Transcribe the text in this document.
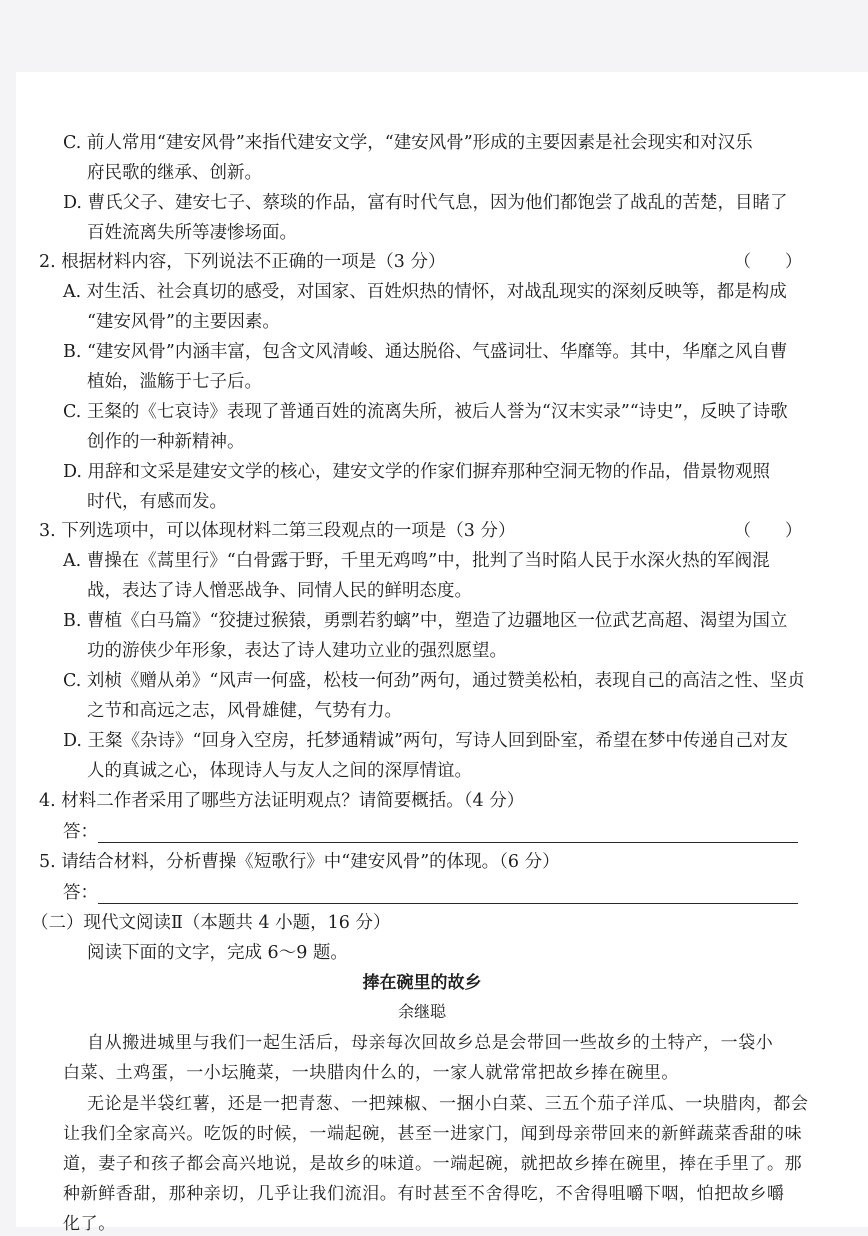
C. 前人常用“建安风骨”来指代建安文学，“建安风骨”形成的主要因素是社会现实和对汉乐
府民歌的继承、创新。
D. 曹氏父子、建安七子、蔡琰的作品，富有时代气息，因为他们都饱尝了战乱的苦楚，目睹了
百姓流离失所等凄惨场面。
2. 根据材料内容，下列说法不正确的一项是（3 分）	（　　）
A. 对生活、社会真切的感受，对国家、百姓炽热的情怀，对战乱现实的深刻反映等，都是构成
“建安风骨”的主要因素。
B. “建安风骨”内涵丰富，包含文风清峻、通达脱俗、气盛词壮、华靡等。其中，华靡之风自曹
植始，滥觞于七子后。
C. 王粲的《七哀诗》表现了普通百姓的流离失所，被后人誉为“汉末实录”“诗史”，反映了诗歌
创作的一种新精神。
D. 用辞和文采是建安文学的核心，建安文学的作家们摒弃那种空洞无物的作品，借景物观照
时代，有感而发。
3. 下列选项中，可以体现材料二第三段观点的一项是（3 分）	（　　）
A. 曹操在《蒿里行》“白骨露于野，千里无鸡鸣”中，批判了当时陷人民于水深火热的军阀混
战，表达了诗人憎恶战争、同情人民的鲜明态度。
B. 曹植《白马篇》“狡捷过猴猿，勇剽若豹螭”中，塑造了边疆地区一位武艺高超、渴望为国立
功的游侠少年形象，表达了诗人建功立业的强烈愿望。
C. 刘桢《赠从弟》“风声一何盛，松枝一何劲”两句，通过赞美松柏，表现自己的高洁之性、坚贞
之节和高远之志，风骨雄健，气势有力。
D. 王粲《杂诗》“回身入空房，托梦通精诚”两句，写诗人回到卧室，希望在梦中传递自己对友
人的真诚之心，体现诗人与友人之间的深厚情谊。
4. 材料二作者采用了哪些方法证明观点？请简要概括。（4 分）
答：
5. 请结合材料，分析曹操《短歌行》中“建安风骨”的体现。（6 分）
答：
（二）现代文阅读Ⅱ（本题共 4 小题，16 分）
阅读下面的文字，完成 6～9 题。
捧在碗里的故乡
余继聪
自从搬进城里与我们一起生活后，母亲每次回故乡总是会带回一些故乡的土特产，一袋小
白菜、土鸡蛋，一小坛腌菜，一块腊肉什么的，一家人就常常把故乡捧在碗里。
无论是半袋红薯，还是一把青葱、一把辣椒、一捆小白菜、三五个茄子洋瓜、一块腊肉，都会
让我们全家高兴。吃饭的时候，一端起碗，甚至一进家门，闻到母亲带回来的新鲜蔬菜香甜的味
道，妻子和孩子都会高兴地说，是故乡的味道。一端起碗，就把故乡捧在碗里，捧在手里了。那
种新鲜香甜，那种亲切，几乎让我们流泪。有时甚至不舍得吃，不舍得咀嚼下咽，怕把故乡嚼
化了。
